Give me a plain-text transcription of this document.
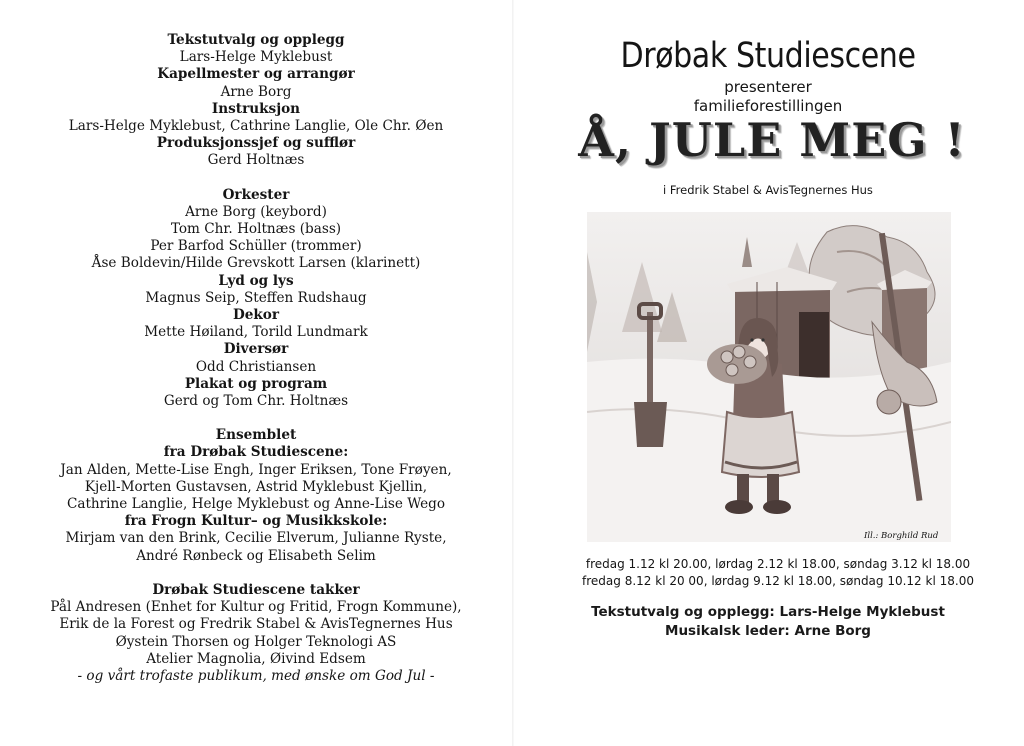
Tekstutvalg og opplegg
Lars-Helge Myklebust
Kapellmester og arrangør
Arne Borg
Instruksjon
Lars-Helge Myklebust, Cathrine Langlie, Ole Chr. Øen
Produksjonssjef og sufflør
Gerd Holtnæs
Orkester
Arne Borg (keybord)
Tom Chr. Holtnæs (bass)
Per Barfod Schüller (trommer)
Åse Boldevin/Hilde Grevskott Larsen (klarinett)
Lyd og lys
Magnus Seip, Steffen Rudshaug
Dekor
Mette Høiland, Torild Lundmark
Diversør
Odd Christiansen
Plakat og program
Gerd og Tom Chr. Holtnæs
Ensemblet
fra Drøbak Studiescene:
Jan Alden, Mette-Lise Engh, Inger Eriksen, Tone Frøyen,
Kjell-Morten Gustavsen, Astrid Myklebust Kjellin,
Cathrine Langlie, Helge Myklebust og Anne-Lise Wego
fra Frogn Kultur– og Musikkskole:
Mirjam van den Brink, Cecilie Elverum, Julianne Ryste,
André Rønbeck og Elisabeth Selim
Drøbak Studiescene takker
Pål Andresen (Enhet for Kultur og Fritid, Frogn Kommune),
Erik de la Forest og Fredrik Stabel & AvisTegnernes Hus
Øystein Thorsen og Holger Teknologi AS
Atelier Magnolia, Øivind Edsem
- og vårt trofaste publikum, med ønske om God Jul -
Drøbak Studiescene
presenterer
familieforestillingen
Å, JULE MEG !
i Fredrik Stabel & AvisTegnernes Hus
Ill.: Borghild Rud
fredag 1.12 kl 20.00, lørdag 2.12 kl 18.00, søndag 3.12 kl 18.00
fredag 8.12 kl 20 00, lørdag 9.12 kl 18.00, søndag 10.12 kl 18.00
Tekstutvalg og opplegg: Lars-Helge Myklebust
Musikalsk leder: Arne Borg
